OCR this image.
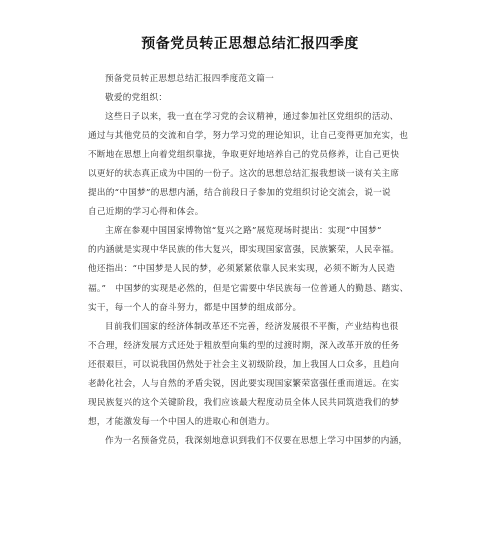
预备党员转正思想总结汇报四季度
预备党员转正思想总结汇报四季度范文篇一
敬爱的党组织：
这些日子以来，我一直在学习党的会议精神，通过参加社区党组织的活动、
通过与其他党员的交流和自学，努力学习党的理论知识，让自己变得更加充实，也
不断地在思想上向着党组织靠拢，争取更好地培养自己的党员修养，让自己更快
以更好的状态真正成为中国的一份子。这次的思想总结汇报我想谈一谈有关主席
提出的“中国梦”的思想内涵，结合前段日子参加的党组织讨论交流会，说一说
自己近期的学习心得和体会。
主席在参观中国国家博物馆“复兴之路”展览现场时提出：实现“中国梦”
的内涵就是实现中华民族的伟大复兴，即实现国家富强，民族繁荣，人民幸福。
他还指出：“中国梦是人民的梦，必须紧紧依靠人民来实现，必须不断为人民造
福。”　中国梦的实现是必然的，但是它需要中华民族每一位普通人的勤恳、踏实、
实干，每一个人的奋斗努力，都是中国梦的组成部分。
目前我们国家的经济体制改革还不完善，经济发展很不平衡，产业结构也很
不合理，经济发展方式还处于粗放型向集约型的过渡时期，深入改革开放的任务
还很艰巨，可以说我国仍然处于社会主义初级阶段，加上我国人口众多，且趋向
老龄化社会，人与自然的矛盾尖锐，因此要实现国家繁荣富强任重而道远。在实
现民族复兴的这个关键阶段，我们应该最大程度动员全体人民共同筑造我们的梦
想，才能激发每一个中国人的进取心和创造力。
作为一名预备党员，我深刻地意识到我们不仅要在思想上学习中国梦的内涵，
